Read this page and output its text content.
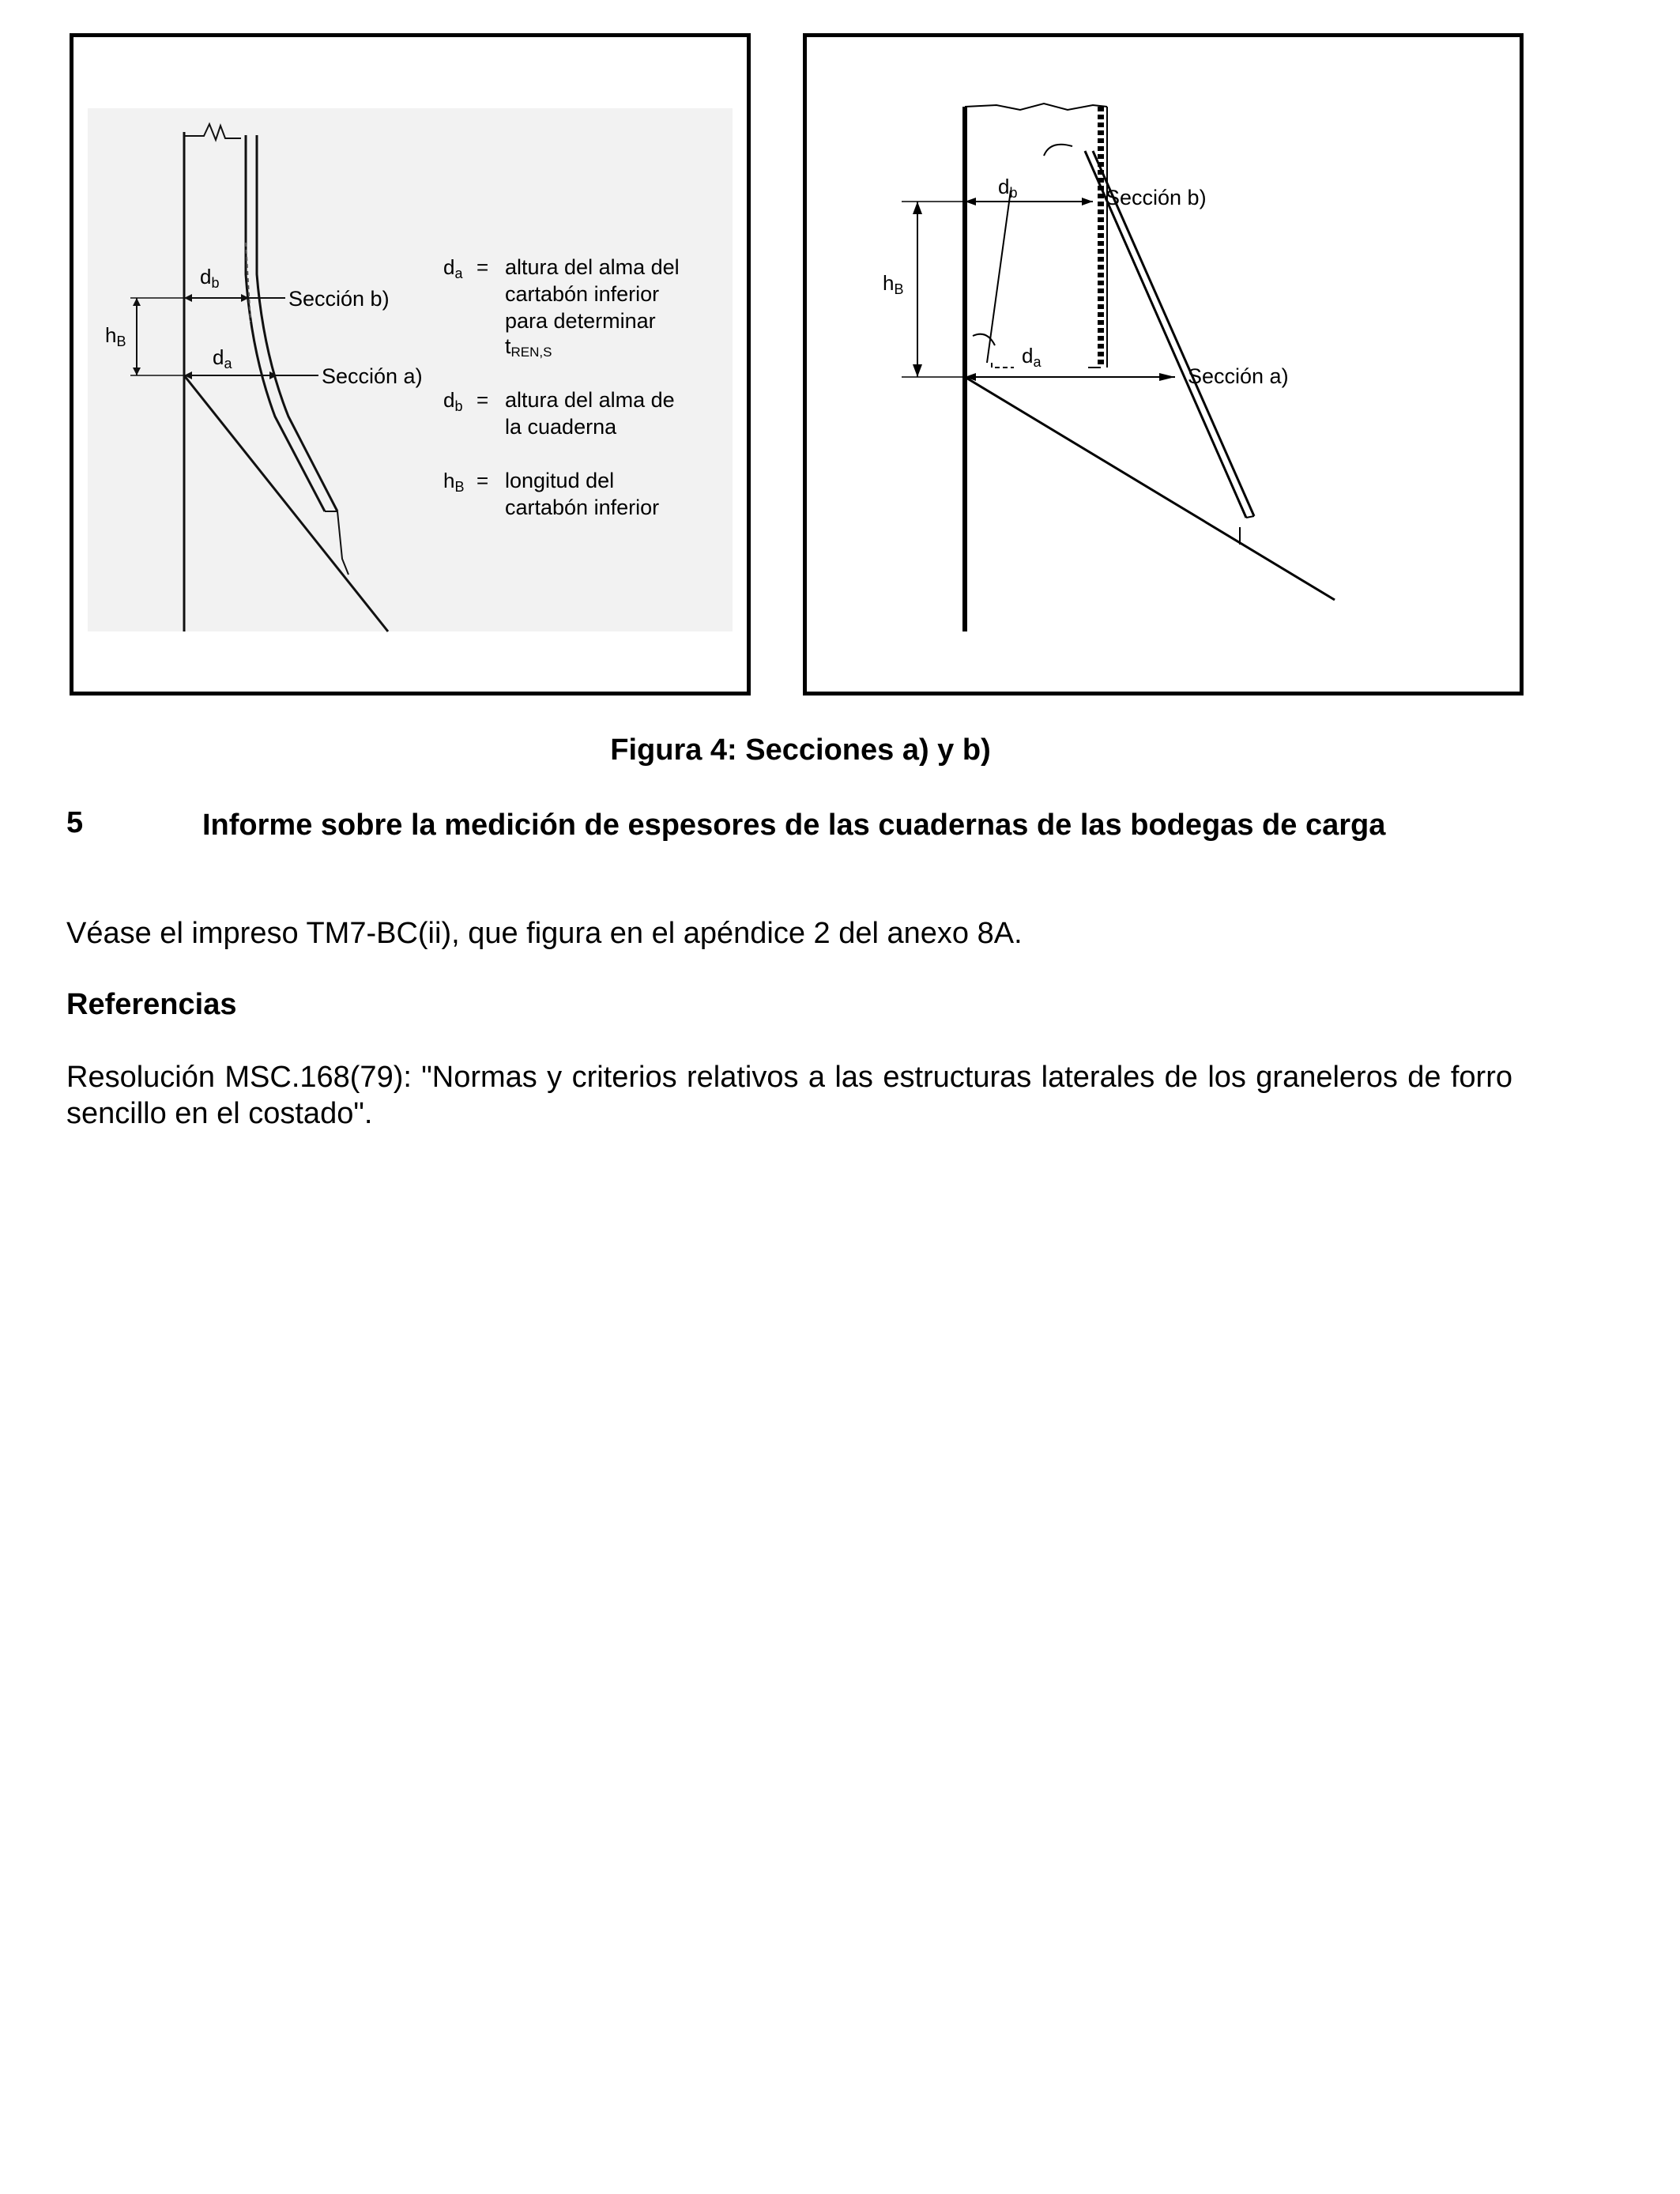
db
da
hB
Sección b)
Sección a)
da = altura del alma del
cartabón inferior
para determinar
tREN,S
db = altura del alma de
la cuaderna
hB = longitud del
cartabón inferior
db
da
hB
Sección b)
Sección a)
Figura 4: Secciones a) y b)
5	Informe sobre la medición de espesores de las cuadernas de las bodegas de carga
Véase el impreso TM7-BC(ii), que figura en el apéndice 2 del anexo 8A.
Referencias
Resolución MSC.168(79): "Normas y criterios relativos a las estructuras laterales de los graneleros de forro sencillo en el costado".
